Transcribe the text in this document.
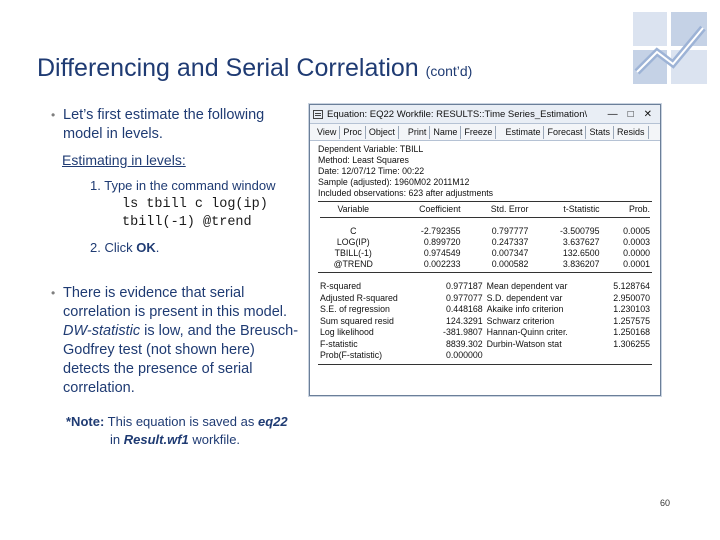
Differencing and Serial Correlation (cont’d)
• Let’s first estimate the following model in levels.
Estimating in levels:
1. Type in the command window
ls tbill c log(ip)
tbill(-1) @trend
2. Click OK.
• There is evidence that serial correlation is present in this model. DW-statistic is low, and the Breusch-Godfrey test (not shown here) detects the presence of serial correlation.
*Note: This equation is saved as eq22
in Result.wf1 workfile.
60
Equation: EQ22 Workfile: RESULTS::Time Series_Estimation\ — □ ✕
View Proc Object	Print Name Freeze	Estimate Forecast Stats Resids
Dependent Variable: TBILL
Method: Least Squares
Date: 12/07/12 Time: 00:22
Sample (adjusted): 1960M02 2011M12
Included observations: 623 after adjustments
Variable	Coefficient	Std. Error	t-Statistic	Prob.

C	-2.792355	0.797777	-3.500795	0.0005
LOG(IP)	0.899720	0.247337	3.637627	0.0003
TBILL(-1)	0.974549	0.007347	132.6500	0.0000
@TREND	0.002233	0.000582	3.836207	0.0001
R-squared	0.977187	Mean dependent var	5.128764
Adjusted R-squared	0.977077	S.D. dependent var	2.950070
S.E. of regression	0.448168	Akaike info criterion	1.230103
Sum squared resid	124.3291	Schwarz criterion	1.257575
Log likelihood	-381.9807	Hannan-Quinn criter.	1.250168
F-statistic	8839.302	Durbin-Watson stat	1.306255
Prob(F-statistic)	0.000000		
